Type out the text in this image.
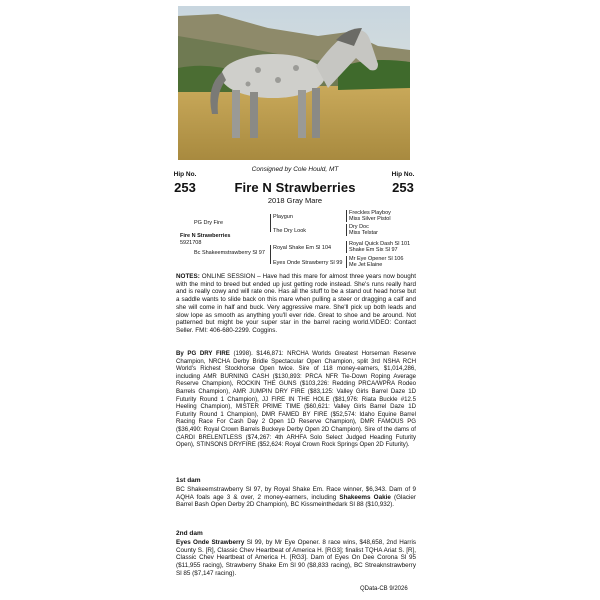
Consigned by Cole Hould, MT
Hip No.
253
Hip No.
253
Fire N Strawberries
2018 Gray Mare
PG Dry Fire
Fire N Strawberries
5921708
Bc Shakeemstrawberry Sl 97
Playgun
The Dry Look
Royal Shake Em Sl 104
Eyes Onde Strawberry Sl 99
Freckles Playboy
Miss Silver Pistol
Dry Doc
Miss Telstar
Royal Quick Dash Sl 101
Shake Em Six Sl 97
Mr Eye Opener Sl 106
Me Jet Elaine
NOTES: ONLINE SESSION – Have had this mare for almost three years now bought with the mind to breed but ended up just getting rode instead. She's runs really hard and is really cowy and will rate one. Has all the stuff to be a stand out head horse but a saddle wants to slide back on this mare when pulling a steer or dragging a calf and she will come in half and buck. Very aggressive mare. She'll pick up both leads and slow lope as smooth as anything you'll ever ride. Great to shoe and be around. Not patterned but might be your super star in the barrel racing world.VIDEO: Contact Seller. FMI: 406-680-2299. Coggins.
By PG DRY FIRE (1998). $146,871: NRCHA Worlds Greatest Horseman Reserve Champion, NRCHA Derby Bridle Spectacular Open Champion, split 3rd NSHA RCH World's Richest Stockhorse Open twice. Sire of 118 money-earners, $1,014,286, including AMR BURNING CASH ($130,893: PRCA NFR Tie-Down Roping Average Reserve Champion), ROCKIN THE GUNS ($103,226: Redding PRCA/WPRA Rodeo Barrels Champion), AMR JUMPIN DRY FIRE ($83,125: Valley Girls Barrel Daze 1D Futurity Round 1 Champion), JJ FIRE IN THE HOLE ($81,976: Riata Buckle #12.5 Heeling Champion), MISTER PRIME TIME ($60,621: Valley Girls Barrel Daze 1D Futurity Round 1 Champion), DMR FAMED BY FIRE ($52,574: Idaho Equine Barrel Racing Race For Cash Day 2 Open 1D Reserve Champion), DMR FAMOUS PG ($36,490: Royal Crown Barrels Buckeye Derby Open 2D Champion). Sire of the dams of CARDI BRELENTLESS ($74,267: 4th ARHFA Solo Select Judged Heading Futurity Open), STINSONS DRYFIRE ($52,624: Royal Crown Rock Springs Open 2D Futurity).
1st dam
BC Shakeemstrawberry Sl 97, by Royal Shake Em. Race winner, $6,343. Dam of 9 AQHA foals age 3 & over, 2 money-earners, including Shakeems Oakie (Glacier Barrel Bash Open Derby 2D Champion), BC Kissmeinthedark Sl 88 ($10,932).
2nd dam
Eyes Onde Strawberry Sl 99, by Mr Eye Opener. 8 race wins, $48,658, 2nd Harris County S. [R], Classic Chev Heartbeat of America H. [RG3]; finalist TQHA Ariat S. [R], Classic Chev Heartbeat of America H. [RG3]. Dam of Eyes On Dee Corona Sl 95 ($11,955 racing), Strawberry Shake Em Sl 90 ($8,833 racing), BC Streaknstrawberry Sl 85 ($7,147 racing).
QData-CB 9/2026
